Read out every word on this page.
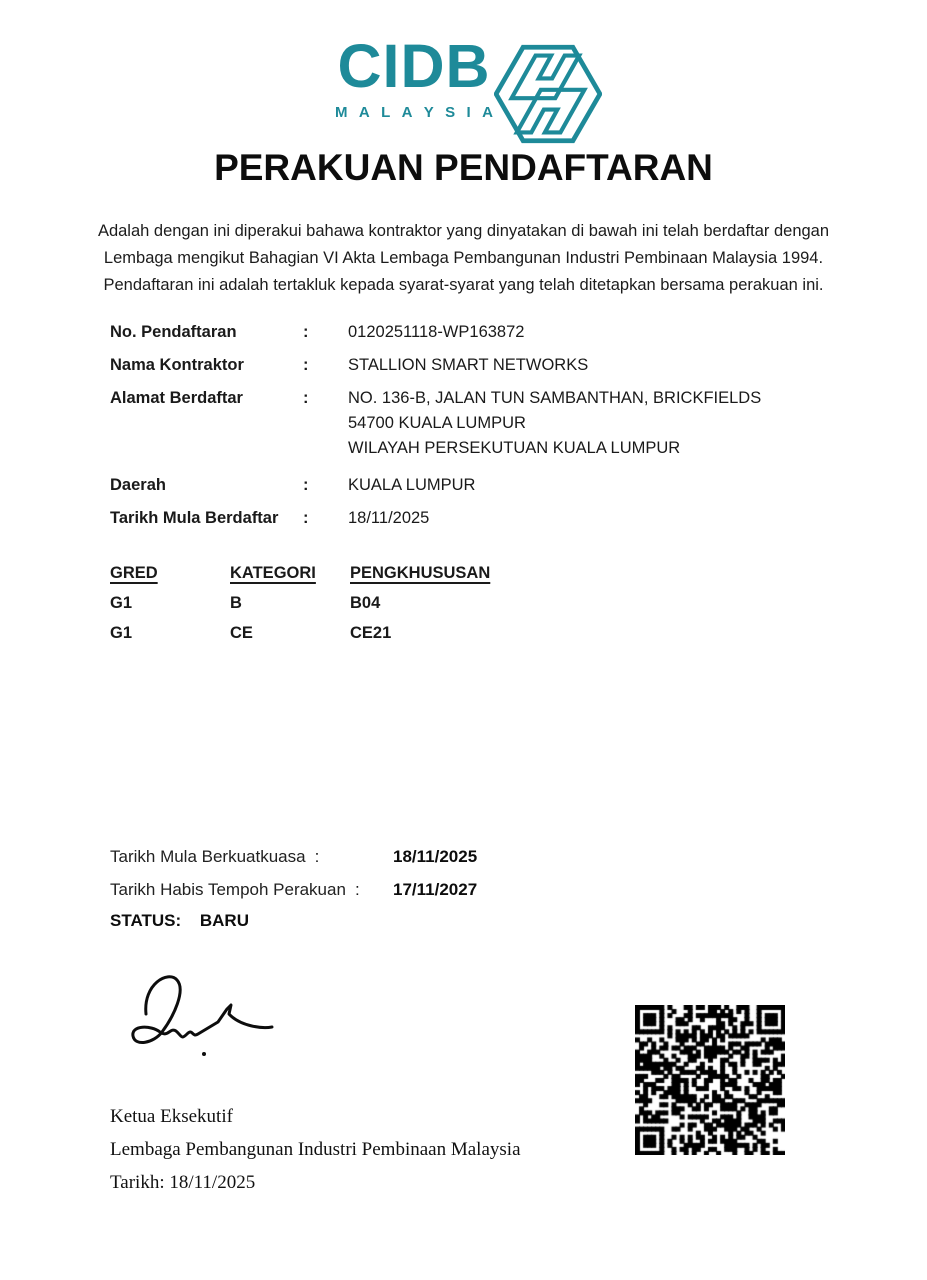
CIDB
M A L A Y S I A
PERAKUAN PENDAFTARAN
Adalah dengan ini diperakui bahawa kontraktor yang dinyatakan di bawah ini telah berdaftar dengan
Lembaga mengikut Bahagian VI Akta Lembaga Pembangunan Industri Pembinaan Malaysia 1994.
Pendaftaran ini adalah tertakluk kepada syarat-syarat yang telah ditetapkan bersama perakuan ini.
No. Pendaftaran	:	0120251118-WP163872
Nama Kontraktor	:	STALLION SMART NETWORKS
Alamat Berdaftar	:	NO. 136-B, JALAN TUN SAMBANTHAN, BRICKFIELDS
54700 KUALA LUMPUR
WILAYAH PERSEKUTUAN KUALA LUMPUR
Daerah	:	KUALA LUMPUR
Tarikh Mula Berdaftar	:	18/11/2025
GRED	KATEGORI	PENGKHUSUSAN
G1	B	B04
G1	CE	CE21
Tarikh Mula Berkuatkuasa :	18/11/2025
Tarikh Habis Tempoh Perakuan :	17/11/2027
STATUS: BARU
Ketua Eksekutif
Lembaga Pembangunan Industri Pembinaan Malaysia
Tarikh: 18/11/2025
